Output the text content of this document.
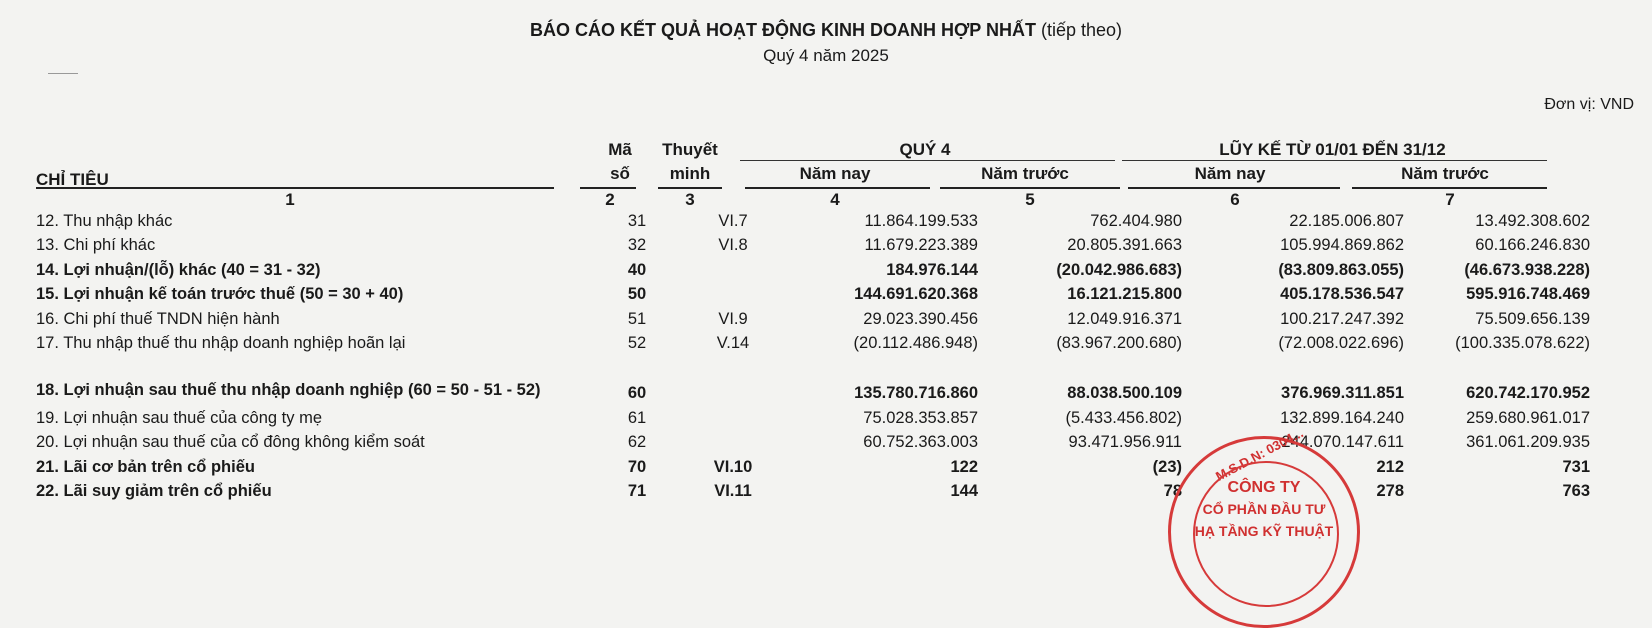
BÁO CÁO KẾT QUẢ HOẠT ĐỘNG KINH DOANH HỢP NHẤT (tiếp theo)
Quý 4 năm 2025
Đơn vị: VND
CHỈ TIÊU
Mã
số
Thuyết
minh
QUÝ 4	LŨY KẾ TỪ 01/01 ĐẾN 31/12
Năm nay	Năm trước	Năm nay	Năm trước
1	2	3	4	5	6	7
12. Thu nhập khác	31	VI.7	11.864.199.533	762.404.980	22.185.006.807	13.492.308.602
13. Chi phí khác	32	VI.8	11.679.223.389	20.805.391.663	105.994.869.862	60.166.246.830
14. Lợi nhuận/(lỗ) khác (40 = 31 - 32)	40		184.976.144	(20.042.986.683)	(83.809.863.055)	(46.673.938.228)
15. Lợi nhuận kế toán trước thuế (50 = 30 + 40)	50		144.691.620.368	16.121.215.800	405.178.536.547	595.916.748.469
16. Chi phí thuế TNDN hiện hành	51	VI.9	29.023.390.456	12.049.916.371	100.217.247.392	75.509.656.139
17. Thu nhập thuế thu nhập doanh nghiệp hoãn lại	52	V.14	(20.112.486.948)	(83.967.200.680)	(72.008.022.696)	(100.335.078.622)
18. Lợi nhuận sau thuế thu nhập doanh nghiệp (60 = 50 - 51 - 52)	60		135.780.716.860	88.038.500.109	376.969.311.851	620.742.170.952
19. Lợi nhuận sau thuế của công ty mẹ	61		75.028.353.857	(5.433.456.802)	132.899.164.240	259.680.961.017
20. Lợi nhuận sau thuế của cổ đông không kiểm soát	62		60.752.363.003	93.471.956.911	244.070.147.611	361.061.209.935
21. Lãi cơ bản trên cổ phiếu	70	VI.10	122	(23)	212	731
22. Lãi suy giảm trên cổ phiếu	71	VI.11	144	78	278	763
M.S.D.N: 0304...
CÔNG TY
CỔ PHẦN ĐẦU TƯ
HẠ TẦNG KỸ THUẬT
